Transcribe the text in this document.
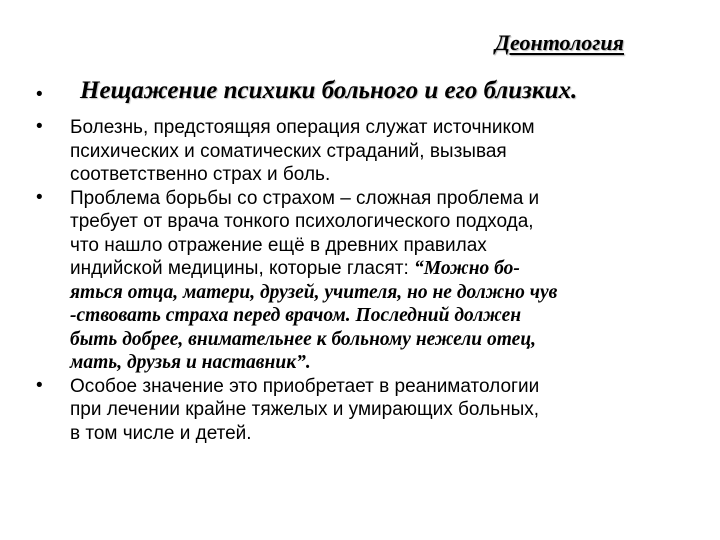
Деонтология
• Нещажение психики больного и его близких.
• Болезнь, предстоящяя операция служат источником
психических и соматических страданий, вызывая
соответственно страх и боль.
• Проблема борьбы со страхом – сложная проблема и
требует от врача тонкого психологического подхода,
что нашло отражение ещё в древних правилах
индийской медицины, которые гласят: “Можно бо-
яться отца, матери, друзей, учителя, но не должно чув
-ствовать страха перед врачом. Последний должен
быть добрее, внимательнее к больному нежели отец,
мать, друзья и наставник”.
• Особое значение это приобретает в реаниматологии
при лечении крайне тяжелых и умирающих больных,
в том числе и детей.
